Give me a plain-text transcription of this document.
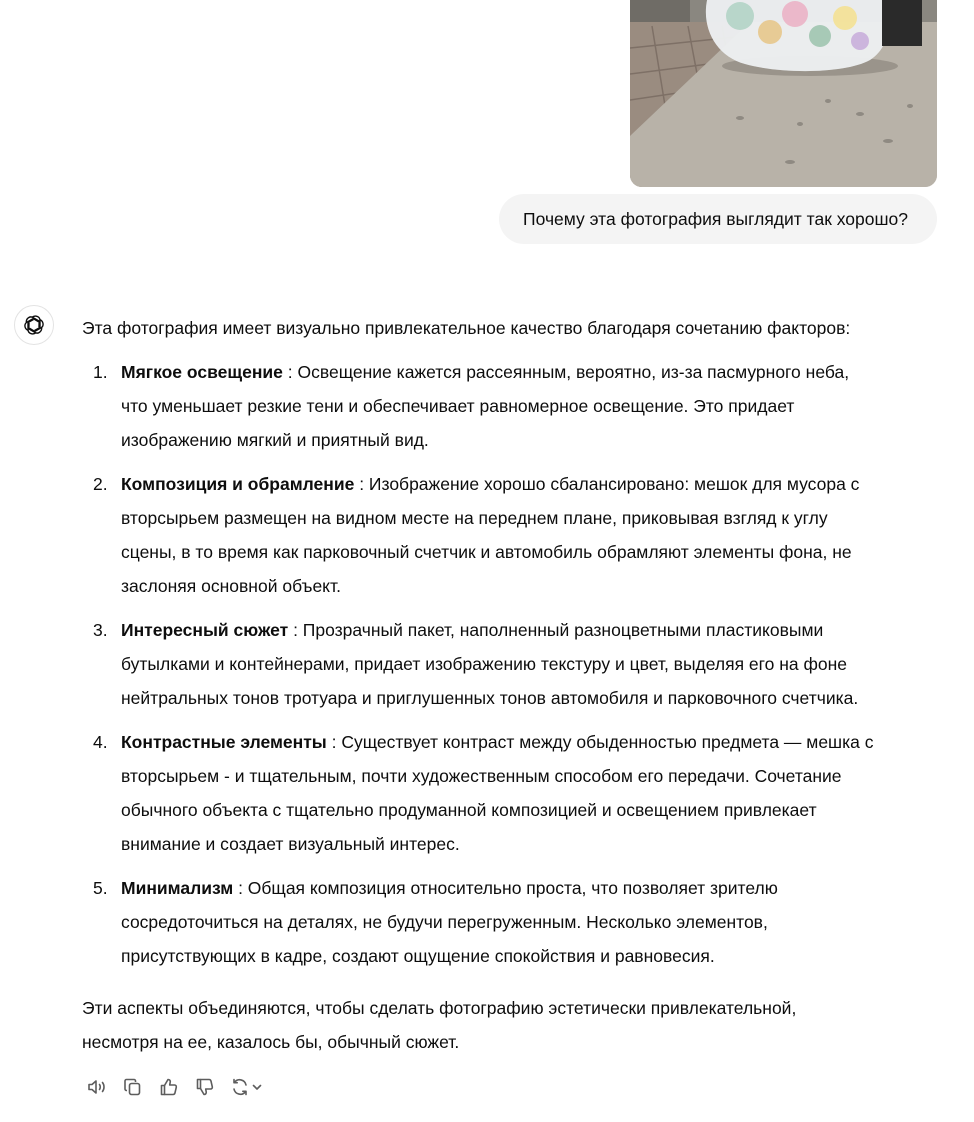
Почему эта фотография выглядит так хорошо?

Эта фотография имеет визуально привлекательное качество благодаря сочетанию факторов:

1. Мягкое освещение : Освещение кажется рассеянным, вероятно, из-за пасмурного неба,
что уменьшает резкие тени и обеспечивает равномерное освещение. Это придает
изображению мягкий и приятный вид.
2. Композиция и обрамление : Изображение хорошо сбалансировано: мешок для мусора с
вторсырьем размещен на видном месте на переднем плане, приковывая взгляд к углу
сцены, в то время как парковочный счетчик и автомобиль обрамляют элементы фона, не
заслоняя основной объект.
3. Интересный сюжет : Прозрачный пакет, наполненный разноцветными пластиковыми
бутылками и контейнерами, придает изображению текстуру и цвет, выделяя его на фоне
нейтральных тонов тротуара и приглушенных тонов автомобиля и парковочного счетчика.
4. Контрастные элементы : Существует контраст между обыденностью предмета — мешка с
вторсырьем - и тщательным, почти художественным способом его передачи. Сочетание
обычного объекта с тщательно продуманной композицией и освещением привлекает
внимание и создает визуальный интерес.
5. Минимализм : Общая композиция относительно проста, что позволяет зрителю
сосредоточиться на деталях, не будучи перегруженным. Несколько элементов,
присутствующих в кадре, создают ощущение спокойствия и равновесия.

Эти аспекты объединяются, чтобы сделать фотографию эстетически привлекательной,
несмотря на ее, казалось бы, обычный сюжет.
